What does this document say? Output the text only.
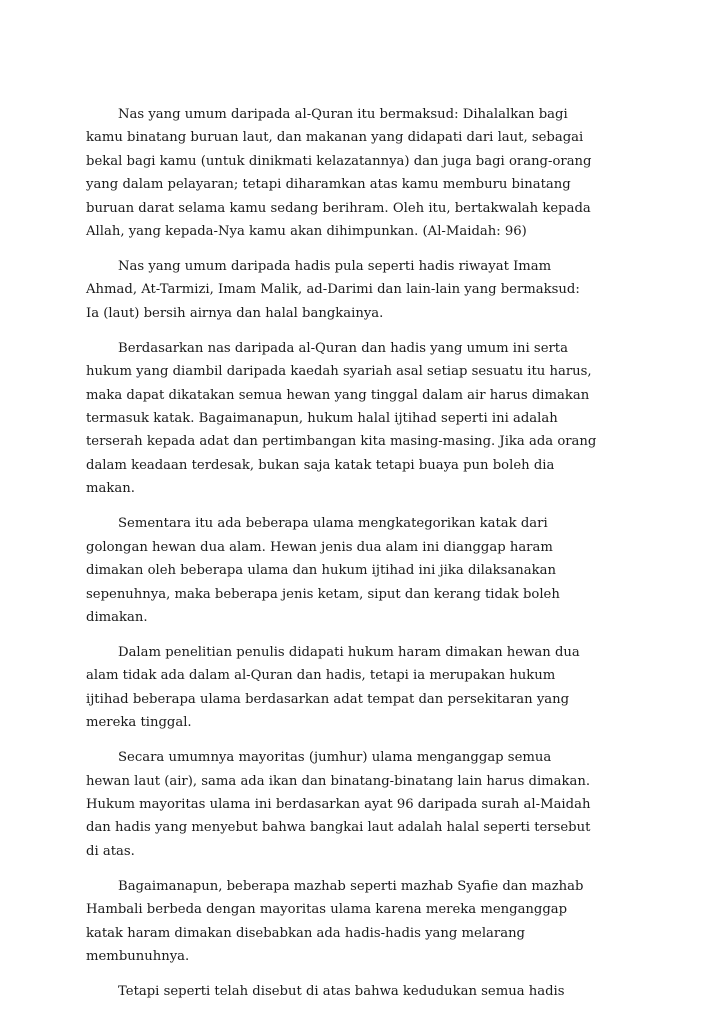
Nas yang umum daripada al-Quran itu bermaksud: Dihalalkan bagi
kamu binatang buruan laut, dan makanan yang didapati dari laut, sebagai
bekal bagi kamu (untuk dinikmati kelazatannya) dan juga bagi orang-orang
yang dalam pelayaran; tetapi diharamkan atas kamu memburu binatang
buruan darat selama kamu sedang berihram. Oleh itu, bertakwalah kepada
Allah, yang kepada-Nya kamu akan dihimpunkan. (Al-Maidah: 96)

Nas yang umum daripada hadis pula seperti hadis riwayat Imam
Ahmad, At-Tarmizi, Imam Malik, ad-Darimi dan lain-lain yang bermaksud:
Ia (laut) bersih airnya dan halal bangkainya.

Berdasarkan nas daripada al-Quran dan hadis yang umum ini serta
hukum yang diambil daripada kaedah syariah asal setiap sesuatu itu harus,
maka dapat dikatakan semua hewan yang tinggal dalam air harus dimakan
termasuk katak. Bagaimanapun, hukum halal ijtihad seperti ini adalah
terserah kepada adat dan pertimbangan kita masing-masing. Jika ada orang
dalam keadaan terdesak, bukan saja katak tetapi buaya pun boleh dia
makan.

Sementara itu ada beberapa ulama mengkategorikan katak dari
golongan hewan dua alam. Hewan jenis dua alam ini dianggap haram
dimakan oleh beberapa ulama dan hukum ijtihad ini jika dilaksanakan
sepenuhnya, maka beberapa jenis ketam, siput dan kerang tidak boleh
dimakan.

Dalam penelitian penulis didapati hukum haram dimakan hewan dua
alam tidak ada dalam al-Quran dan hadis, tetapi ia merupakan hukum
ijtihad beberapa ulama berdasarkan adat tempat dan persekitaran yang
mereka tinggal.

Secara umumnya mayoritas (jumhur) ulama menganggap semua
hewan laut (air), sama ada ikan dan binatang-binatang lain harus dimakan.
Hukum mayoritas ulama ini berdasarkan ayat 96 daripada surah al-Maidah
dan hadis yang menyebut bahwa bangkai laut adalah halal seperti tersebut
di atas.

Bagaimanapun, beberapa mazhab seperti mazhab Syafie dan mazhab
Hambali berbeda dengan mayoritas ulama karena mereka menganggap
katak haram dimakan disebabkan ada hadis-hadis yang melarang
membunuhnya.

Tetapi seperti telah disebut di atas bahwa kedudukan semua hadis
